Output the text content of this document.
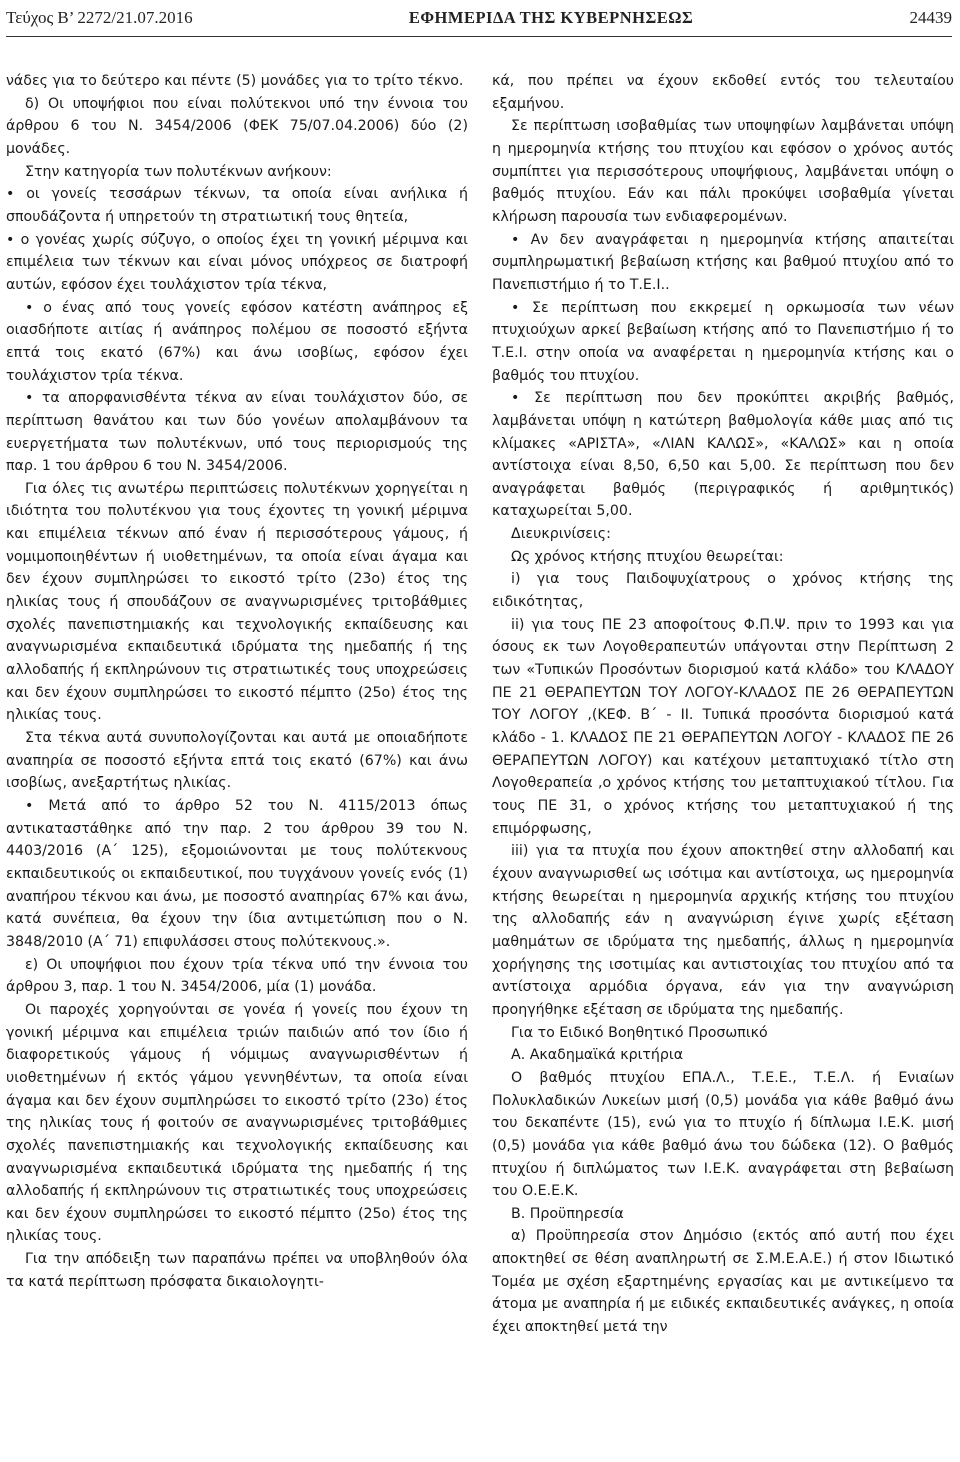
Τεύχος Β’ 2272/21.07.2016	ΕΦΗΜΕΡΙΔΑ ΤΗΣ ΚΥΒΕΡΝΗΣΕΩΣ	24439

νάδες για το δεύτερο και πέντε (5) μονάδες για το τρίτο τέκνο.

δ) Οι υποψήφιοι που είναι πολύτεκνοι υπό την έννοια του άρθρου 6 του Ν. 3454/2006 (ΦΕΚ 75/07.04.2006) δύο (2) μονάδες.

Στην κατηγορία των πολυτέκνων ανήκουν:

• οι γονείς τεσσάρων τέκνων, τα οποία είναι ανήλικα ή σπουδάζοντα ή υπηρετούν τη στρατιωτική τους θητεία,

• ο γονέας χωρίς σύζυγο, ο οποίος έχει τη γονική μέριμνα και επιμέλεια των τέκνων και είναι μόνος υπόχρεος σε διατροφή αυτών, εφόσον έχει τουλάχιστον τρία τέκνα,

• ο ένας από τους γονείς εφόσον κατέστη ανάπηρος εξ οιασδήποτε αιτίας ή ανάπηρος πολέμου σε ποσοστό εξήντα επτά τοις εκατό (67%) και άνω ισοβίως, εφόσον έχει τουλάχιστον τρία τέκνα.

• τα απορφανισθέντα τέκνα αν είναι τουλάχιστον δύο, σε περίπτωση θανάτου και των δύο γονέων απολαμβάνουν τα ευεργετήματα των πολυτέκνων, υπό τους περιορισμούς της παρ. 1 του άρθρου 6 του Ν. 3454/2006.

Για όλες τις ανωτέρω περιπτώσεις πολυτέκνων χορηγείται η ιδιότητα του πολυτέκνου για τους έχοντες τη γονική μέριμνα και επιμέλεια τέκνων από έναν ή περισσότερους γάμους, ή νομιμοποιηθέντων ή υιοθετημένων, τα οποία είναι άγαμα και δεν έχουν συμπληρώσει το εικοστό τρίτο (23ο) έτος της ηλικίας τους ή σπουδάζουν σε αναγνωρισμένες τριτοβάθμιες σχολές πανεπιστημιακής και τεχνολογικής εκπαίδευσης και αναγνωρισμένα εκπαιδευτικά ιδρύματα της ημεδαπής ή της αλλοδαπής ή εκπληρώνουν τις στρατιωτικές τους υποχρεώσεις και δεν έχουν συμπληρώσει το εικοστό πέμπτο (25ο) έτος της ηλικίας τους.

Στα τέκνα αυτά συνυπολογίζονται και αυτά με οποιαδήποτε αναπηρία σε ποσοστό εξήντα επτά τοις εκατό (67%) και άνω ισοβίως, ανεξαρτήτως ηλικίας.

• Μετά από το άρθρο 52 του Ν. 4115/2013 όπως αντικαταστάθηκε από την παρ. 2 του άρθρου 39 του Ν. 4403/2016 (Α΄ 125), εξομοιώνονται με τους πολύτεκνους εκπαιδευτικούς οι εκπαιδευτικοί, που τυγχάνουν γονείς ενός (1) αναπήρου τέκνου και άνω, με ποσοστό αναπηρίας 67% και άνω, κατά συνέπεια, θα έχουν την ίδια αντιμετώπιση που ο Ν. 3848/2010 (Α΄ 71) επιφυλάσσει στους πολύτεκνους.».

ε) Οι υποψήφιοι που έχουν τρία τέκνα υπό την έννοια του άρθρου 3, παρ. 1 του Ν. 3454/2006, μία (1) μονάδα.

Οι παροχές χορηγούνται σε γονέα ή γονείς που έχουν τη γονική μέριμνα και επιμέλεια τριών παιδιών από τον ίδιο ή διαφορετικούς γάμους ή νόμιμως αναγνωρισθέντων ή υιοθετημένων ή εκτός γάμου γεννηθέντων, τα οποία είναι άγαμα και δεν έχουν συμπληρώσει το εικοστό τρίτο (23ο) έτος της ηλικίας τους ή φοιτούν σε αναγνωρισμένες τριτοβάθμιες σχολές πανεπιστημιακής και τεχνολογικής εκπαίδευσης και αναγνωρισμένα εκπαιδευτικά ιδρύματα της ημεδαπής ή της αλλοδαπής ή εκπληρώνουν τις στρατιωτικές τους υποχρεώσεις και δεν έχουν συμπληρώσει το εικοστό πέμπτο (25ο) έτος της ηλικίας τους.

Για την απόδειξη των παραπάνω πρέπει να υποβληθούν όλα τα κατά περίπτωση πρόσφατα δικαιολογητι-

κά, που πρέπει να έχουν εκδοθεί εντός του τελευταίου εξαμήνου.

Σε περίπτωση ισοβαθμίας των υποψηφίων λαμβάνεται υπόψη η ημερομηνία κτήσης του πτυχίου και εφόσον ο χρόνος αυτός συμπίπτει για περισσότερους υποψήφιους, λαμβάνεται υπόψη ο βαθμός πτυχίου. Εάν και πάλι προκύψει ισοβαθμία γίνεται κλήρωση παρουσία των ενδιαφερομένων.

• Αν δεν αναγράφεται η ημερομηνία κτήσης απαιτείται συμπληρωματική βεβαίωση κτήσης και βαθμού πτυχίου από το Πανεπιστήμιο ή το Τ.Ε.Ι..

• Σε περίπτωση που εκκρεμεί η ορκωμοσία των νέων πτυχιούχων αρκεί βεβαίωση κτήσης από το Πανεπιστήμιο ή το Τ.Ε.Ι. στην οποία να αναφέρεται η ημερομηνία κτήσης και ο βαθμός του πτυχίου.

• Σε περίπτωση που δεν προκύπτει ακριβής βαθμός, λαμβάνεται υπόψη η κατώτερη βαθμολογία κάθε μιας από τις κλίμακες «ΑΡΙΣΤΑ», «ΛΙΑΝ ΚΑΛΩΣ», «ΚΑΛΩΣ» και η οποία αντίστοιχα είναι 8,50, 6,50 και 5,00. Σε περίπτωση που δεν αναγράφεται βαθμός (περιγραφικός ή αριθμητικός) καταχωρείται 5,00.

Διευκρινίσεις:

Ως χρόνος κτήσης πτυχίου θεωρείται:

i) για τους Παιδοψυχίατρους ο χρόνος κτήσης της ειδικότητας,

ii) για τους ΠΕ 23 αποφοίτους Φ.Π.Ψ. πριν το 1993 και για όσους εκ των Λογοθεραπευτών υπάγονται στην Περίπτωση 2 των «Τυπικών Προσόντων διορισμού κατά κλάδο» του ΚΛΑΔΟΥ ΠΕ 21 ΘΕΡΑΠΕΥΤΩΝ ΤΟΥ ΛΟΓΟΥ-ΚΛΑΔΟΣ ΠΕ 26 ΘΕΡΑΠΕΥΤΩΝ ΤΟΥ ΛΟΓΟΥ ,(ΚΕΦ. Β΄ - ΙΙ. Τυπικά προσόντα διορισμού κατά κλάδο - 1. ΚΛΑΔΟΣ ΠΕ 21 ΘΕΡΑΠΕΥΤΩΝ ΛΟΓΟΥ - ΚΛΑΔΟΣ ΠΕ 26 ΘΕΡΑΠΕΥΤΩΝ ΛΟΓΟΥ) και κατέχουν μεταπτυχιακό τίτλο στη Λογοθεραπεία ,ο χρόνος κτήσης του μεταπτυχιακού τίτλου. Για τους ΠΕ 31, ο χρόνος κτήσης του μεταπτυχιακού ή της επιμόρφωσης,

iii) για τα πτυχία που έχουν αποκτηθεί στην αλλοδαπή και έχουν αναγνωρισθεί ως ισότιμα και αντίστοιχα, ως ημερομηνία κτήσης θεωρείται η ημερομηνία αρχικής κτήσης του πτυχίου της αλλοδαπής εάν η αναγνώριση έγινε χωρίς εξέταση μαθημάτων σε ιδρύματα της ημεδαπής, άλλως η ημερομηνία χορήγησης της ισοτιμίας και αντιστοιχίας του πτυχίου από τα αντίστοιχα αρμόδια όργανα, εάν για την αναγνώριση προηγήθηκε εξέταση σε ιδρύματα της ημεδαπής.

Για το Ειδικό Βοηθητικό Προσωπικό

Α. Ακαδημαϊκά κριτήρια

Ο βαθμός πτυχίου ΕΠΑ.Λ., Τ.Ε.Ε., Τ.Ε.Λ. ή Ενιαίων Πολυκλαδικών Λυκείων μισή (0,5) μονάδα για κάθε βαθμό άνω του δεκαπέντε (15), ενώ για το πτυχίο ή δίπλωμα Ι.Ε.Κ. μισή (0,5) μονάδα για κάθε βαθμό άνω του δώδεκα (12). Ο βαθμός πτυχίου ή διπλώματος των Ι.Ε.Κ. αναγράφεται στη βεβαίωση του Ο.Ε.Ε.Κ.

Β. Προϋπηρεσία

α) Προϋπηρεσία στον Δημόσιο (εκτός από αυτή που έχει αποκτηθεί σε θέση αναπληρωτή σε Σ.Μ.Ε.Α.Ε.) ή στον Ιδιωτικό Τομέα με σχέση εξαρτημένης εργασίας και με αντικείμενο τα άτομα με αναπηρία ή με ειδικές εκπαιδευτικές ανάγκες, η οποία έχει αποκτηθεί μετά την
